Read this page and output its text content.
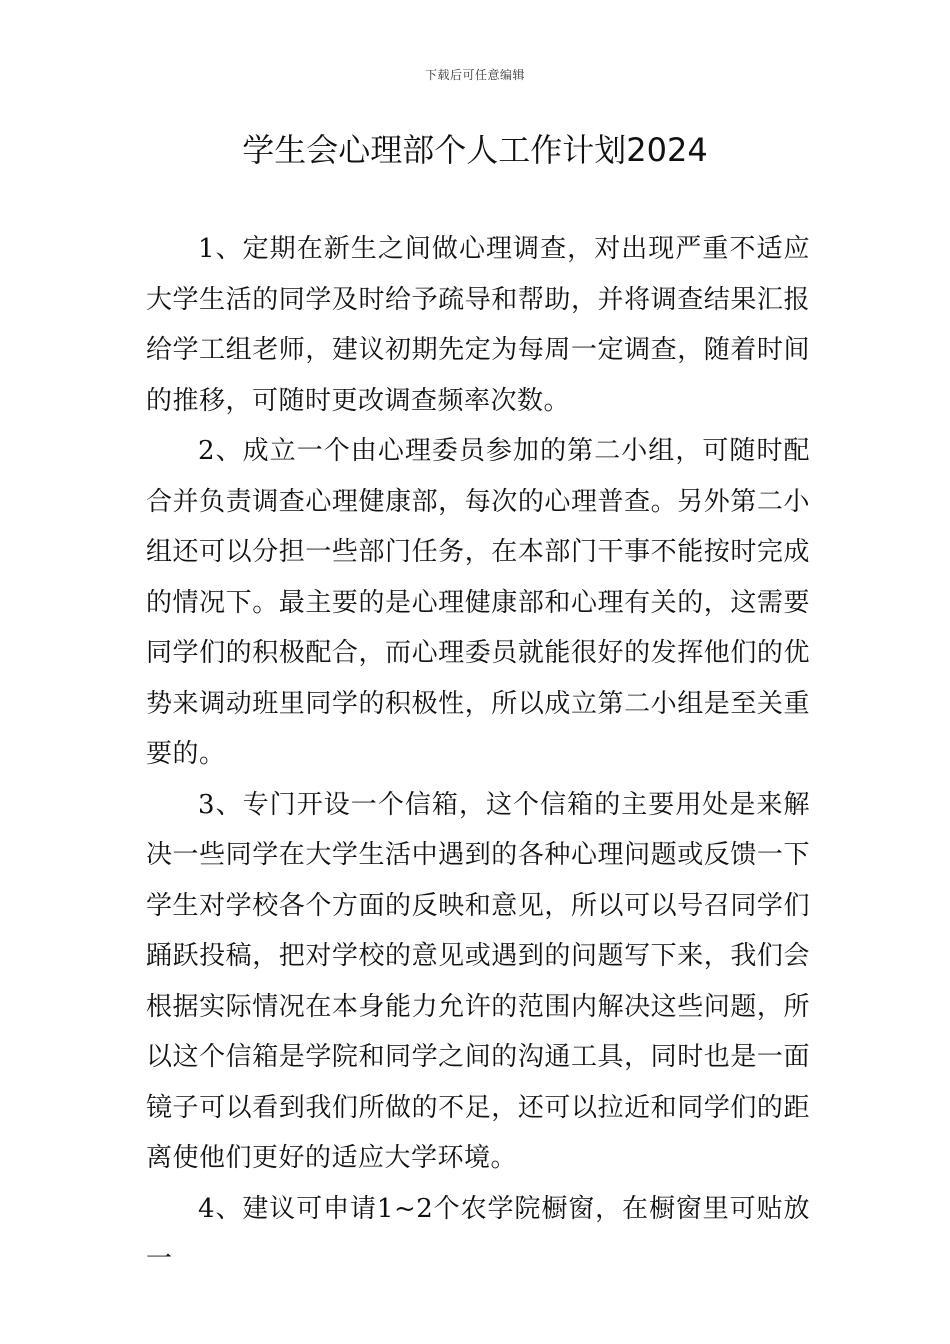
下载后可任意编辑
学生会心理部个人工作计划2024

1、定期在新生之间做心理调查，对出现严重不适应大学生活的同学及时给予疏导和帮助，并将调查结果汇报给学工组老师，建议初期先定为每周一定调查，随着时间的推移，可随时更改调查频率次数。

2、成立一个由心理委员参加的第二小组，可随时配合并负责调查心理健康部，每次的心理普查。另外第二小组还可以分担一些部门任务，在本部门干事不能按时完成的情况下。最主要的是心理健康部和心理有关的，这需要同学们的积极配合，而心理委员就能很好的发挥他们的优势来调动班里同学的积极性，所以成立第二小组是至关重要的。

3、专门开设一个信箱，这个信箱的主要用处是来解决一些同学在大学生活中遇到的各种心理问题或反馈一下学生对学校各个方面的反映和意见，所以可以号召同学们踊跃投稿，把对学校的意见或遇到的问题写下来，我们会根据实际情况在本身能力允许的范围内解决这些问题，所以这个信箱是学院和同学之间的沟通工具，同时也是一面镜子可以看到我们所做的不足，还可以拉近和同学们的距离使他们更好的适应大学环境。

4、建议可申请1~2个农学院橱窗，在橱窗里可贴放一
